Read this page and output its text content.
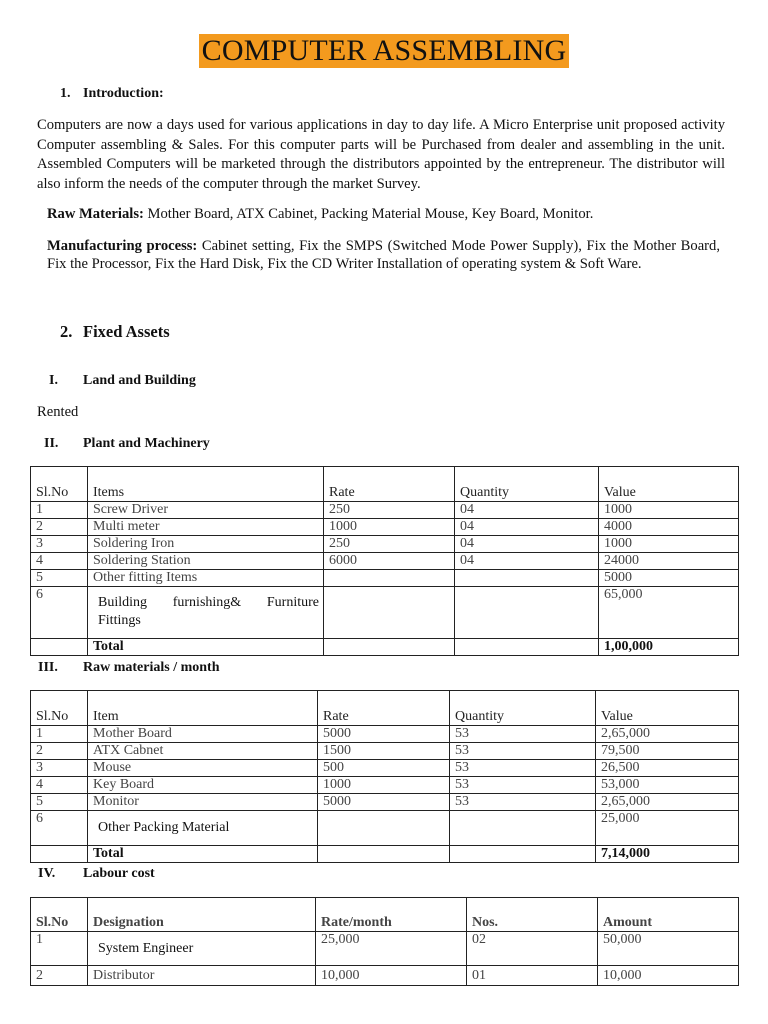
COMPUTER ASSEMBLING
1. Introduction:
Computers are now a days used for various applications in day to day life. A Micro Enterprise unit proposed activity Computer assembling & Sales. For this computer parts will be Purchased from dealer and assembling in the unit. Assembled Computers will be marketed through the distributors appointed by the entrepreneur. The distributor will also inform the needs of the computer through the market Survey.
Raw Materials: Mother Board, ATX Cabinet, Packing Material Mouse, Key Board, Monitor.
Manufacturing process: Cabinet setting, Fix the SMPS (Switched Mode Power Supply), Fix the Mother Board, Fix the Processor, Fix the Hard Disk, Fix the CD Writer Installation of operating system & Soft Ware.
2. Fixed Assets
I. Land and Building
Rented
II. Plant and Machinery
Sl.No	Items	Rate	Quantity	Value
1	Screw Driver	250	04	1000
2	Multi meter	1000	04	4000
3	Soldering Iron	250	04	1000
4	Soldering Station	6000	04	24000
5	Other fitting Items			5000
6	Building furnishing& Furniture Fittings			65,000
	Total			1,00,000
III. Raw materials / month
Sl.No	Item	Rate	Quantity	Value
1	Mother Board	5000	53	2,65,000
2	ATX Cabnet	1500	53	79,500
3	Mouse	500	53	26,500
4	Key Board	1000	53	53,000
5	Monitor	5000	53	2,65,000
6	Other Packing Material			25,000
	Total			7,14,000
IV. Labour cost
Sl.No	Designation	Rate/month	Nos.	Amount
1	System Engineer	25,000	02	50,000
2	Distributor	10,000	01	10,000
